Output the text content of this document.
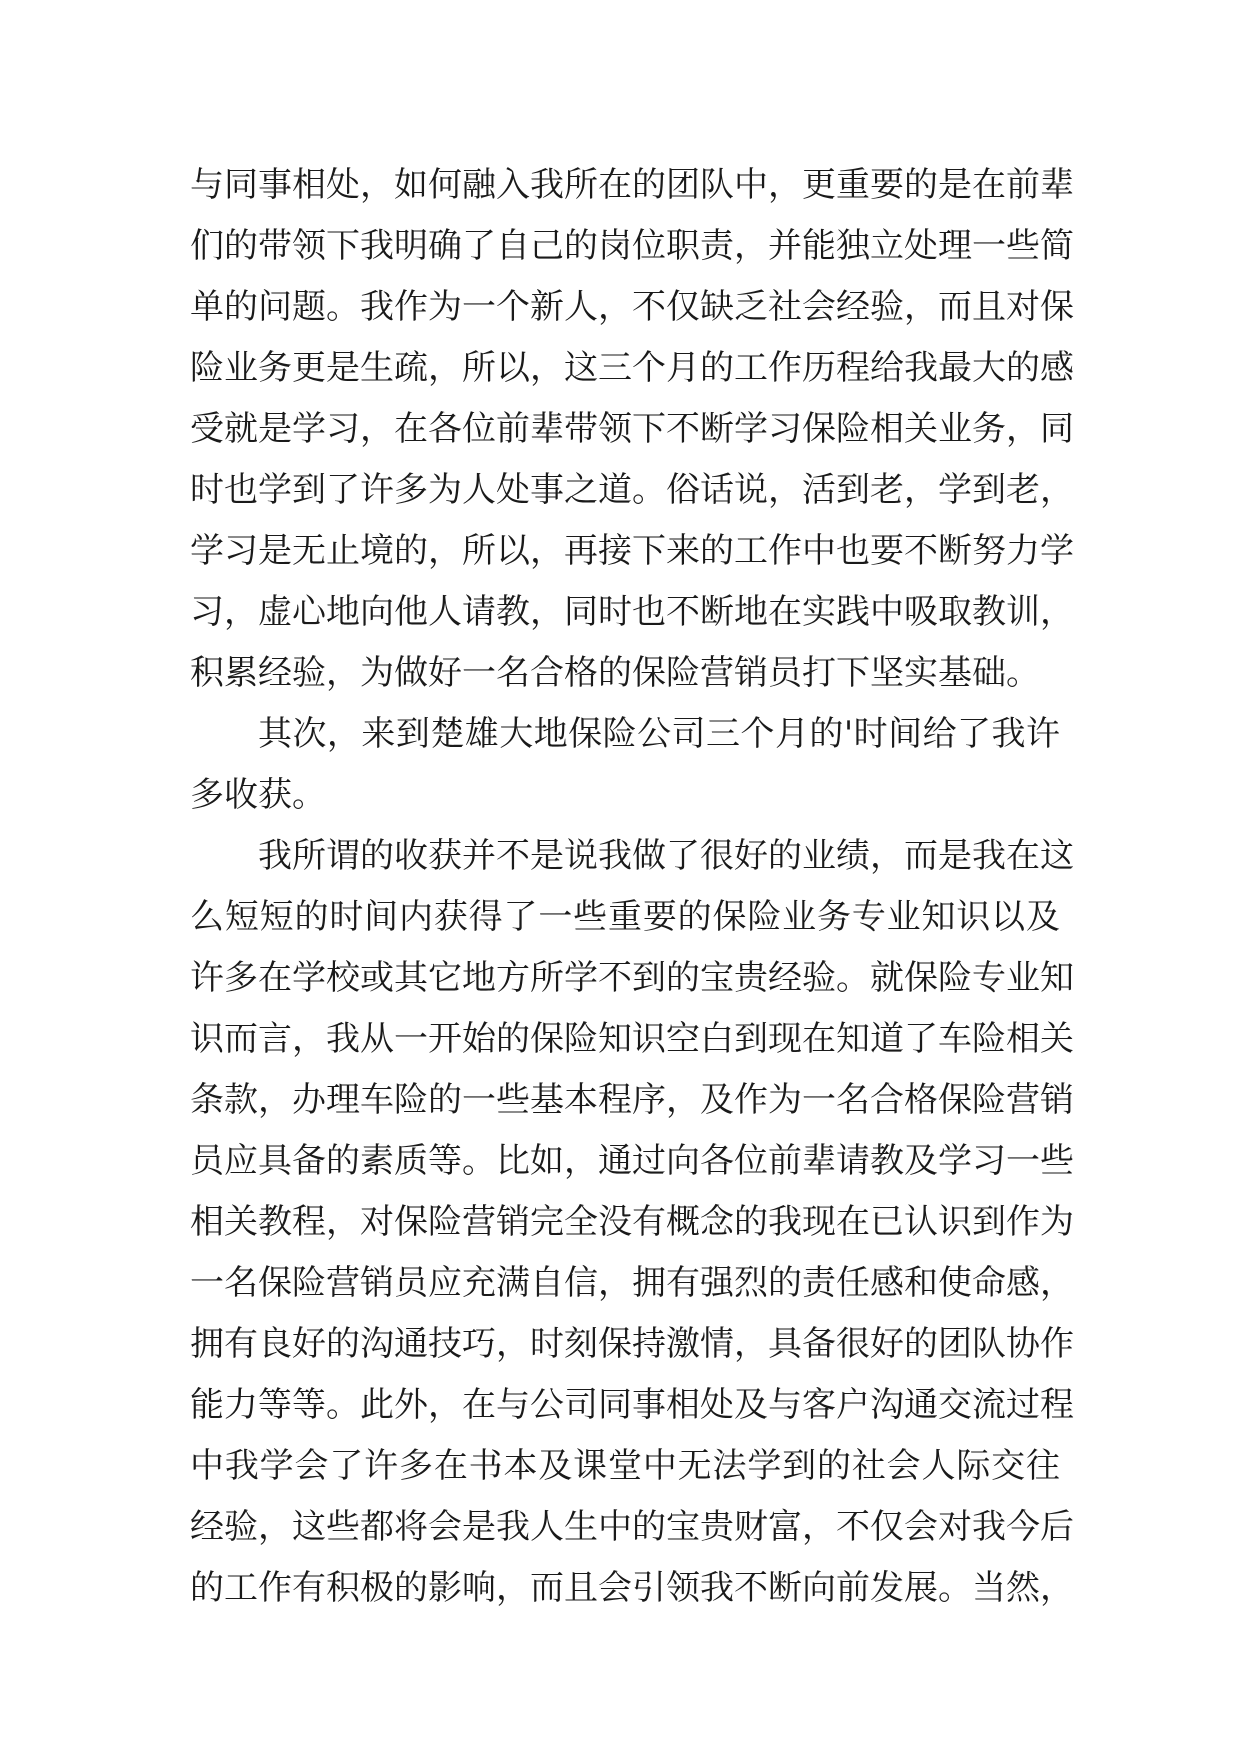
与同事相处，如何融入我所在的团队中，更重要的是在前辈
们的带领下我明确了自己的岗位职责，并能独立处理一些简
单的问题。我作为一个新人，不仅缺乏社会经验，而且对保
险业务更是生疏，所以，这三个月的工作历程给我最大的感
受就是学习，在各位前辈带领下不断学习保险相关业务，同
时也学到了许多为人处事之道。俗话说，活到老，学到老，
学习是无止境的，所以，再接下来的工作中也要不断努力学
习，虚心地向他人请教，同时也不断地在实践中吸取教训，
积累经验，为做好一名合格的保险营销员打下坚实基础。
其次，来到楚雄大地保险公司三个月的'时间给了我许
多收获。
我所谓的收获并不是说我做了很好的业绩，而是我在这
么短短的时间内获得了一些重要的保险业务专业知识以及
许多在学校或其它地方所学不到的宝贵经验。就保险专业知
识而言，我从一开始的保险知识空白到现在知道了车险相关
条款，办理车险的一些基本程序，及作为一名合格保险营销
员应具备的素质等。比如，通过向各位前辈请教及学习一些
相关教程，对保险营销完全没有概念的我现在已认识到作为
一名保险营销员应充满自信，拥有强烈的责任感和使命感，
拥有良好的沟通技巧，时刻保持激情，具备很好的团队协作
能力等等。此外，在与公司同事相处及与客户沟通交流过程
中我学会了许多在书本及课堂中无法学到的社会人际交往
经验，这些都将会是我人生中的宝贵财富，不仅会对我今后
的工作有积极的影响，而且会引领我不断向前发展。当然，
